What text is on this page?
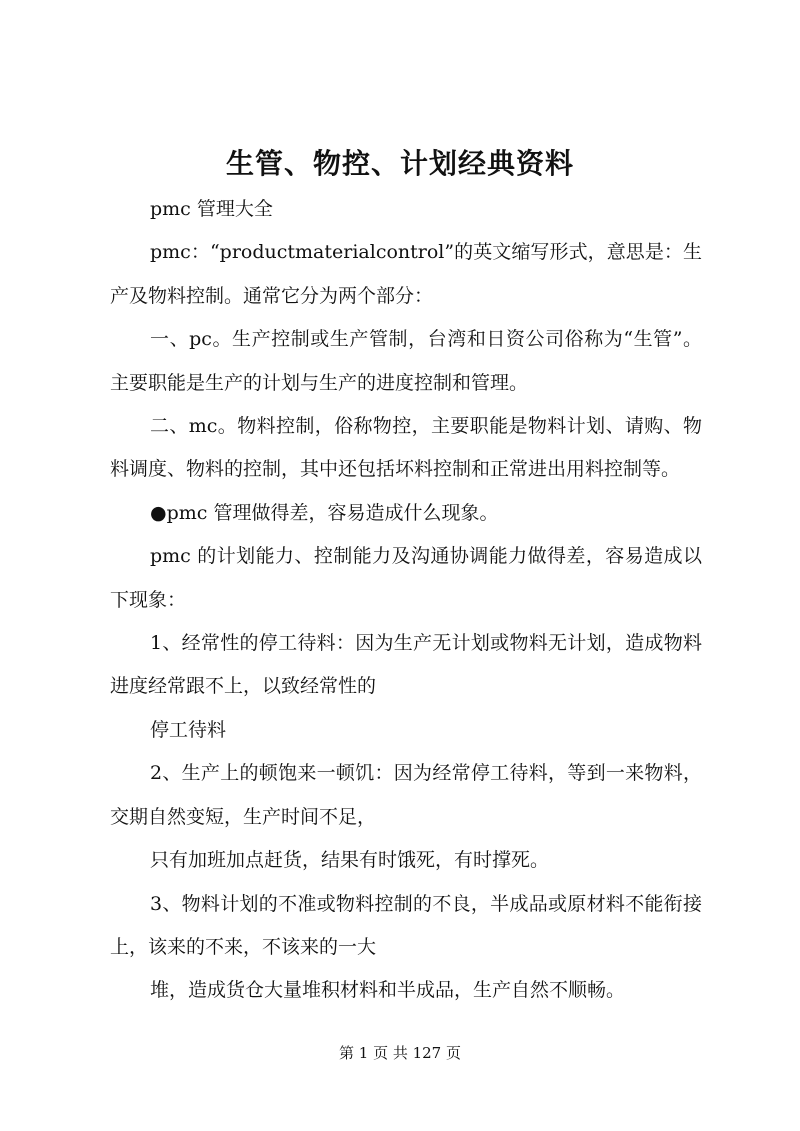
生管、物控、计划经典资料

pmc 管理大全

pmc：“productmaterialcontrol”的英文缩写形式，意思是：生产及物料控制。通常它分为两个部分：

一、pc。生产控制或生产管制，台湾和日资公司俗称为“生管”。主要职能是生产的计划与生产的进度控制和管理。

二、mc。物料控制，俗称物控，主要职能是物料计划、请购、物料调度、物料的控制，其中还包括坏料控制和正常进出用料控制等。

●pmc 管理做得差，容易造成什么现象。

pmc 的计划能力、控制能力及沟通协调能力做得差，容易造成以下现象：

1、经常性的停工待料：因为生产无计划或物料无计划，造成物料进度经常跟不上，以致经常性的

停工待料

2、生产上的顿饱来一顿饥：因为经常停工待料，等到一来物料，交期自然变短，生产时间不足，

只有加班加点赶货，结果有时饿死，有时撑死。

3、物料计划的不准或物料控制的不良，半成品或原材料不能衔接上，该来的不来，不该来的一大

堆，造成货仓大量堆积材料和半成品，生产自然不顺畅。

第 1 页 共 127 页
